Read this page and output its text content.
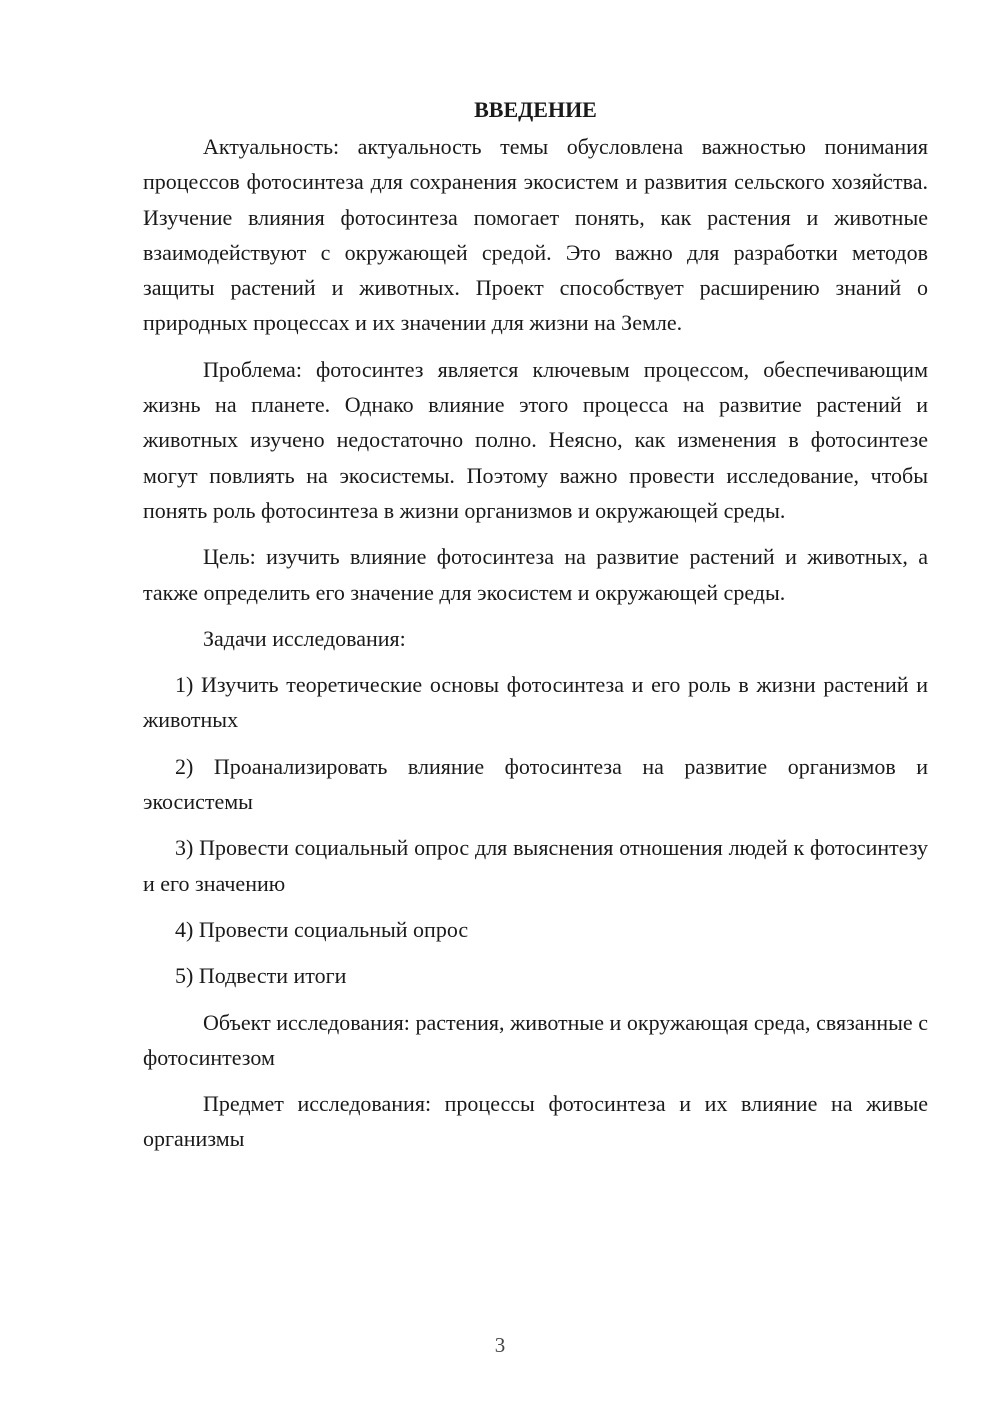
ВВЕДЕНИЕ

Актуальность: актуальность темы обусловлена важностью понимания процессов фотосинтеза для сохранения экосистем и развития сельского хозяйства. Изучение влияния фотосинтеза помогает понять, как растения и животные взаимодействуют с окружающей средой. Это важно для разработки методов защиты растений и животных. Проект способствует расширению знаний о природных процессах и их значении для жизни на Земле.

Проблема: фотосинтез является ключевым процессом, обеспечивающим жизнь на планете. Однако влияние этого процесса на развитие растений и животных изучено недостаточно полно. Неясно, как изменения в фотосинтезе могут повлиять на экосистемы. Поэтому важно провести исследование, чтобы понять роль фотосинтеза в жизни организмов и окружающей среды.

Цель: изучить влияние фотосинтеза на развитие растений и животных, а также определить его значение для экосистем и окружающей среды.

Задачи исследования:

1) Изучить теоретические основы фотосинтеза и его роль в жизни растений и животных

2) Проанализировать влияние фотосинтеза на развитие организмов и экосистемы

3) Провести социальный опрос для выяснения отношения людей к фотосинтезу и его значению

4) Провести социальный опрос

5) Подвести итоги

Объект исследования: растения, животные и окружающая среда, связанные с фотосинтезом

Предмет исследования: процессы фотосинтеза и их влияние на живые организмы

3
